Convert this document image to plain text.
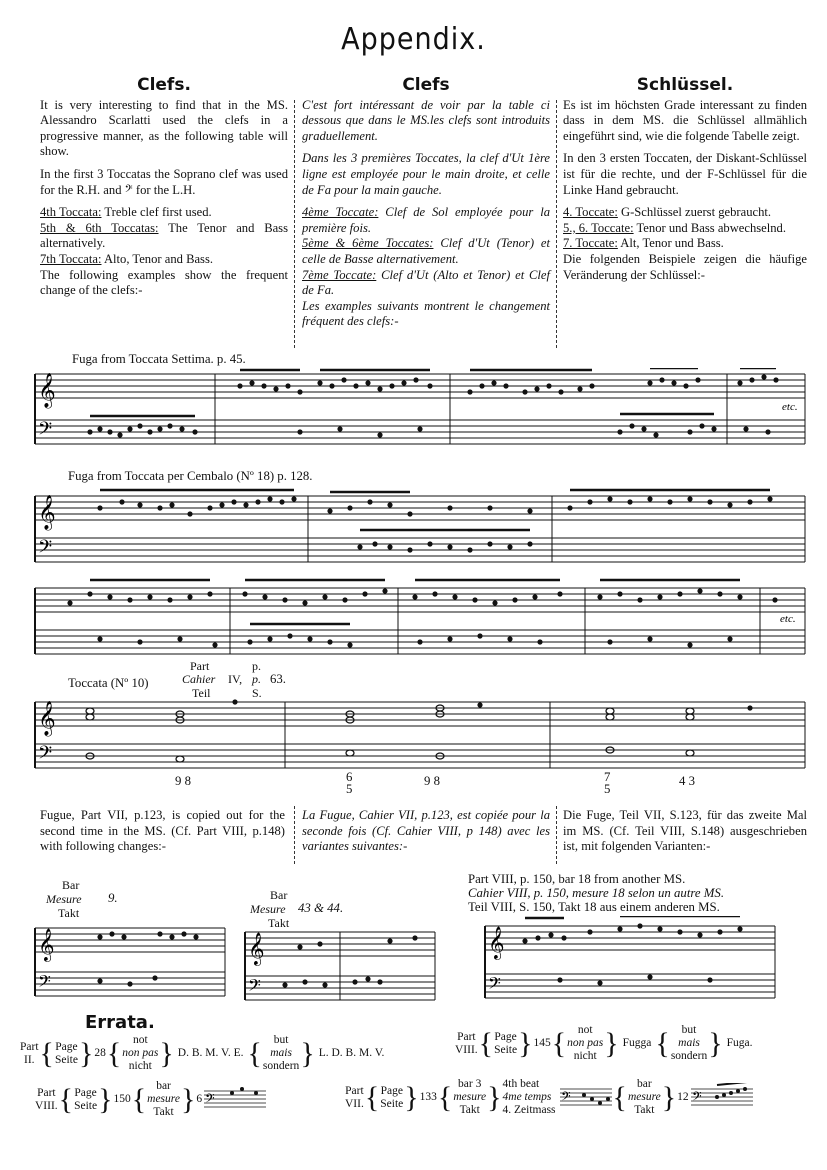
Appendix.
Clefs.

It is very interesting to find that in the MS. Alessandro Scarlatti used the clefs in a progressive manner, as the following table will show.

In the first 3 Toccatas the Soprano clef was used for the R.H. and 𝄢 for the L.H.

4th Toccata: Treble clef first used.
5th & 6th Toccatas: The Tenor and Bass alternatively.
7th Toccata: Alto, Tenor and Bass.
The following examples show the frequent change of the clefs:-

Clefs

C'est fort intéressant de voir par la table ci dessous que dans le MS.les clefs sont introduits graduellement.

Dans les 3 premières Toccates, la clef d'Ut 1ère ligne est employée pour le main droite, et celle de Fa pour la main gauche.

4ème Toccate: Clef de Sol employée pour la première fois.
5ème & 6ème Toccates: Clef d'Ut (Tenor) et celle de Basse alternativement.
7ème Toccate: Clef d'Ut (Alto et Tenor) et Clef de Fa.
Les examples suivants montrent le changement fréquent des clefs:-

Schlüssel.

Es ist im höchsten Grade interessant zu finden dass in dem MS. die Schlüssel allmählich eingeführt sind, wie die folgende Tabelle zeigt.

In den 3 ersten Toccaten, der Diskant-Schlüssel ist für die rechte, und der F-Schlüssel für die Linke Hand gebraucht.

4. Toccate: G-Schlüssel zuerst gebraucht.
5., 6. Toccate: Tenor und Bass abwechselnd.
7. Toccate: Alt, Tenor und Bass.
Die folgenden Beispiele zeigen die häufige Veränderung der Schlüssel:-

Fuga from Toccata Settima. p. 45.
𝄞
𝄢
etc.
Fuga from Toccata per Cembalo (Nº 18) p. 128.
𝄞
𝄢
etc.
Toccata (Nº 10)
Part
Cahier
Teil
IV,
p.
p.
S.
63.
𝄞
𝄢
9 8	6
5
9 8	7
5
4 3
Fugue, Part VII, p.123, is copied out for the second time in the MS. (Cf. Part VIII, p.148) with following changes:-
La Fugue, Cahier VII, p.123, est copiée pour la seconde fois (Cf. Cahier VIII, p 148) avec les variantes suivantes:-
Die Fuge, Teil VII, S.123, für das zweite Mal im MS. (Cf. Teil VIII, S.148) ausgeschrieben ist, mit folgenden Varianten:-
Bar
Mesure
Takt
9.
𝄞
𝄢
Bar
Mesure
Takt
43 & 44.
𝄞
𝄢
Part VIII, p. 150, bar 18 from another MS.
Cahier VIII, p. 150, mesure 18 selon un autre MS.
Teil VIII, S. 150, Takt 18 aus einem anderen MS.
𝄞
𝄢
Errata.
Part
II. { Page
Seite } 28 { not
non pas
nicht } D. B. M. V. E. { but
mais
sondern } L. D. B. M. V.
Part
VIII. { Page
Seite } 145 { not
non pas
nicht } Fugga { but
mais
sondern } Fuga.
Part
VIII. { Page
Seite } 150 { bar
mesure
Takt } 6 𝄢	Part
VII. { Page
Seite } 133 { bar 3
mesure
Takt } 4th beat
4me temps
4. Zeitmass
𝄢 { bar
mesure
Takt } 12 𝄢
